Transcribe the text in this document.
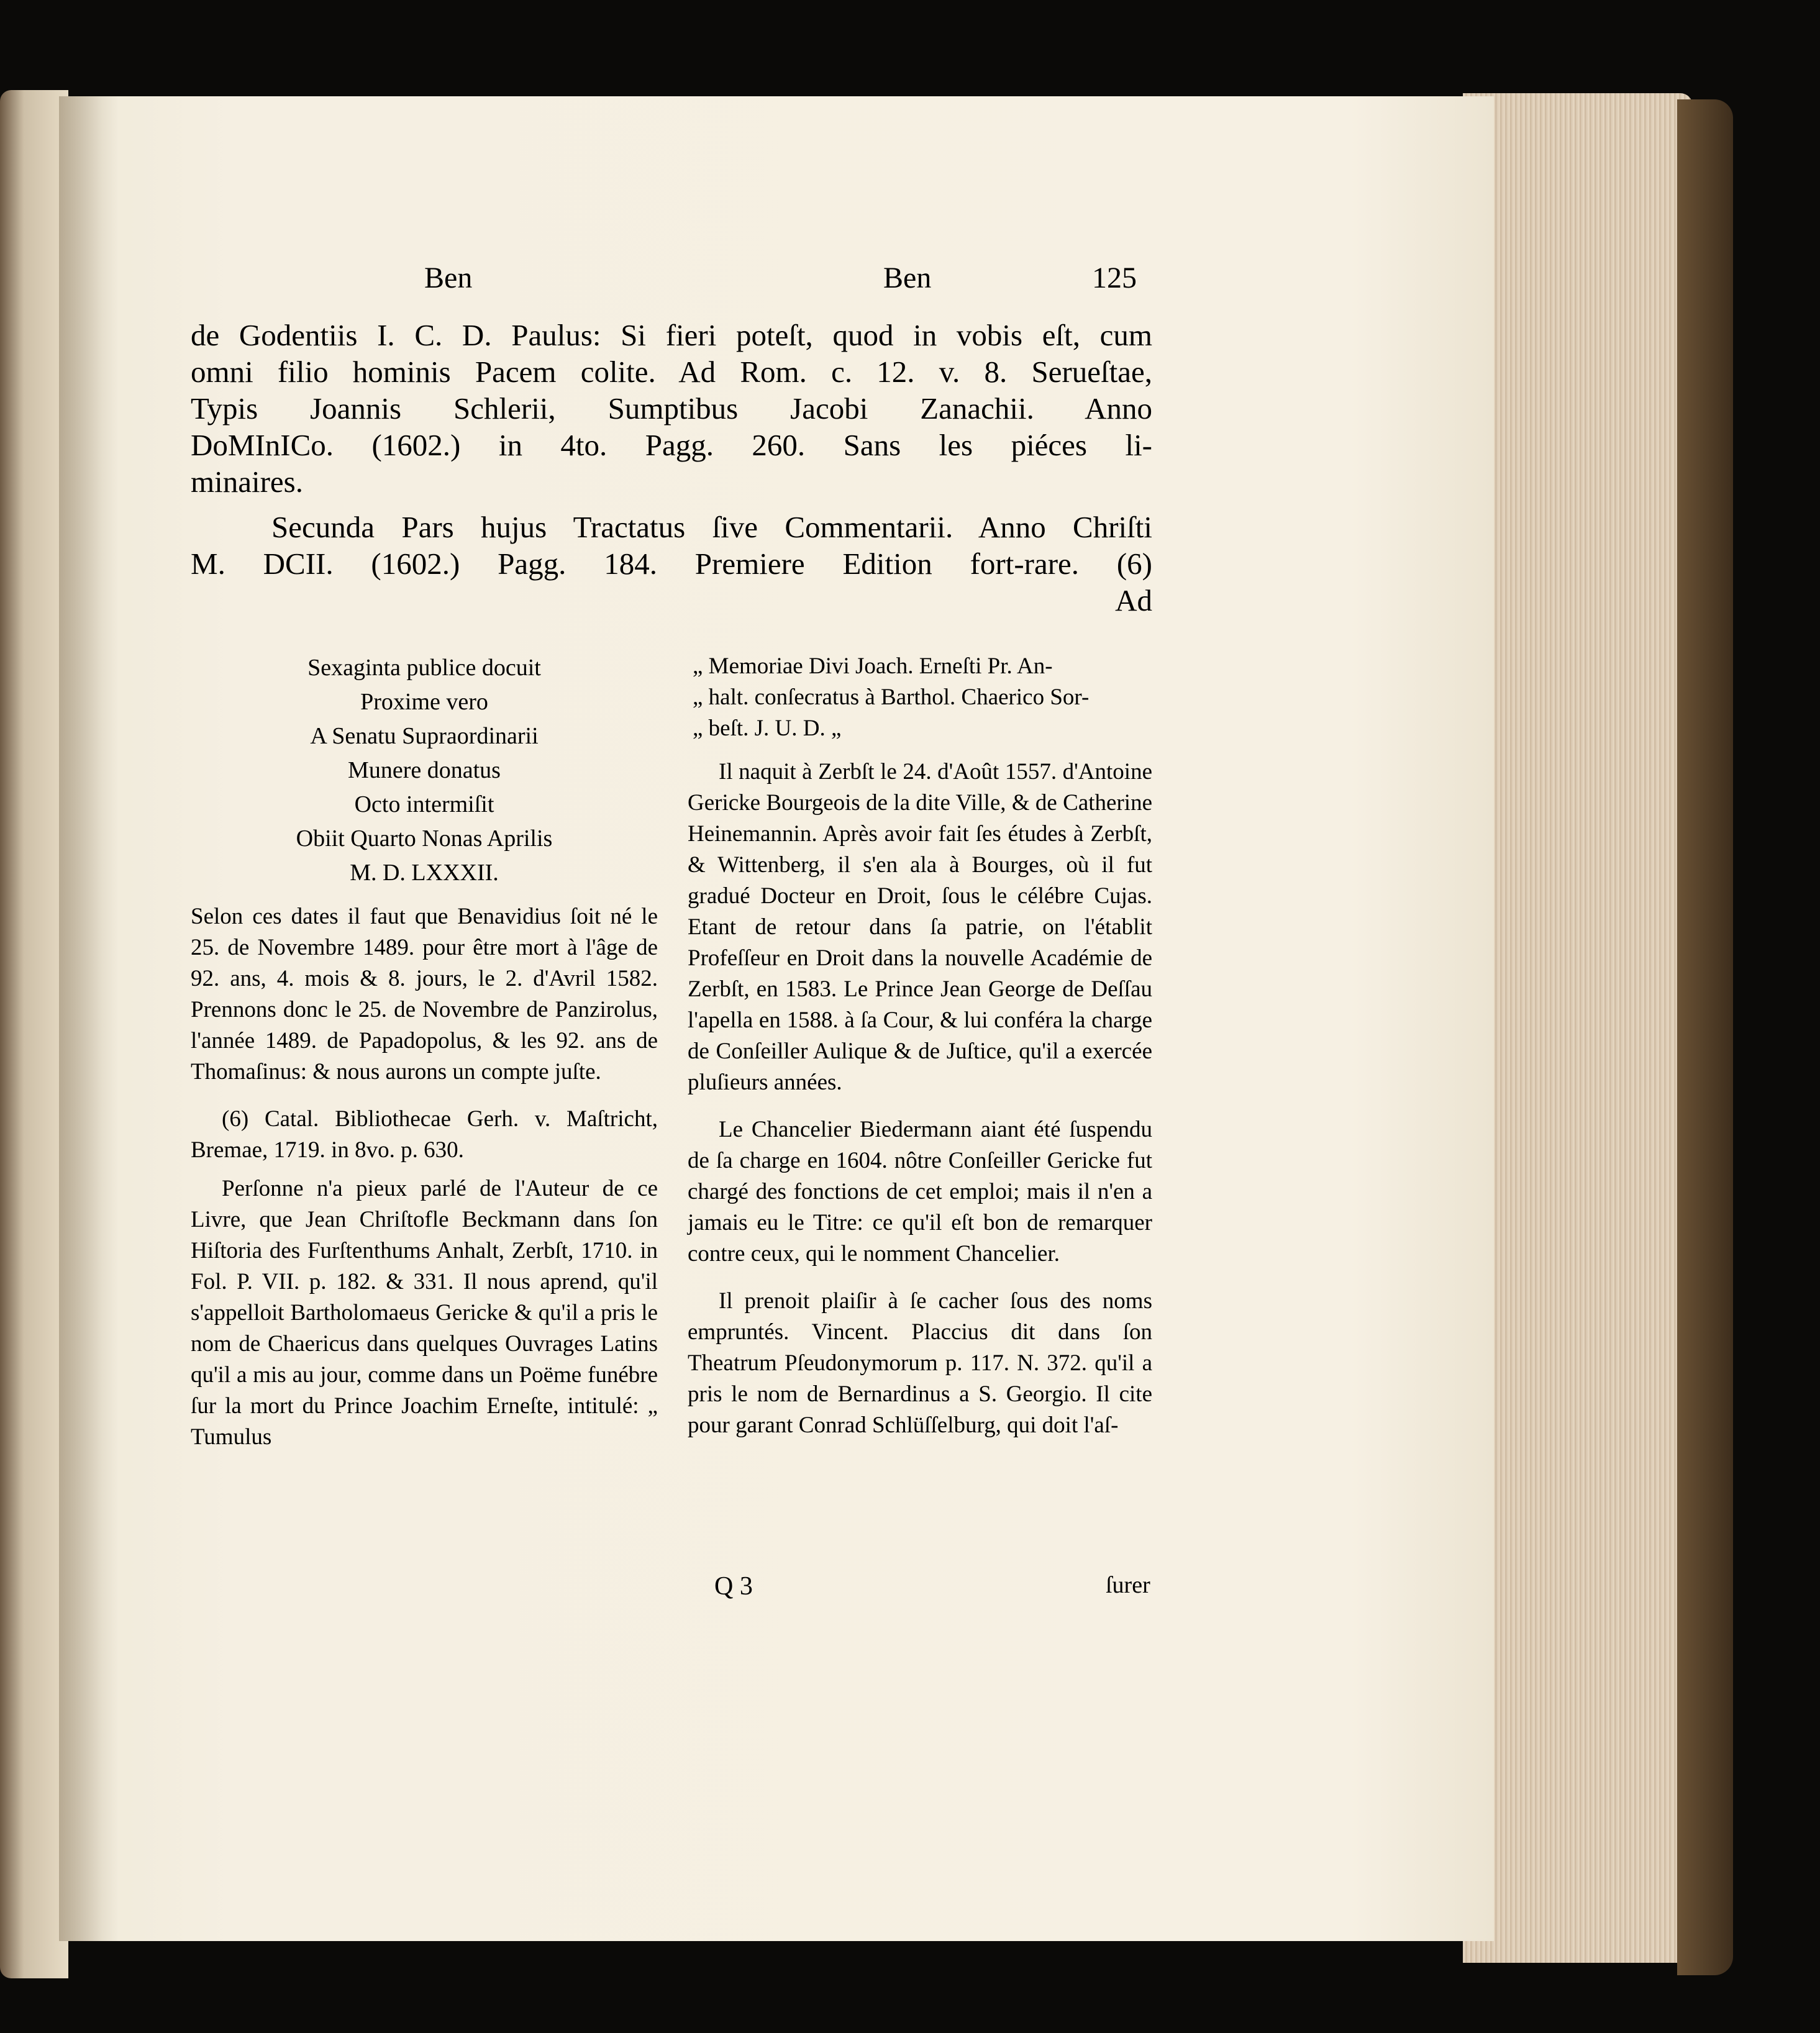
Ben	Ben	125
de Godentiis I. C. D. Paulus: Si fieri poteſt, quod in vobis eſt, cum
omni filio hominis Pacem colite. Ad Rom. c. 12. v. 8. Serueſtae,
Typis Joannis Schlerii, Sumptibus Jacobi Zanachii. Anno
DoMInICo. (1602.) in 4to. Pagg. 260. Sans les piéces li-
minaires.
Secunda Pars hujus Tractatus ſive Commentarii. Anno Chriſti
M. DCII. (1602.) Pagg. 184. Premiere Edition fort-rare. (6)
Ad
Sexaginta publice docuit
Proxime vero
A Senatu Supraordinarii
Munere donatus
Octo intermiſit
Obiit Quarto Nonas Aprilis
M. D. LXXXII.

Selon ces dates il faut que Benavidius ſoit né le 25. de Novembre 1489. pour être mort à l'âge de 92. ans, 4. mois & 8. jours, le 2. d'Avril 1582. Prennons donc le 25. de Novembre de Panzirolus, l'année 1489. de Papadopolus, & les 92. ans de Thomaſinus: & nous aurons un compte juſte.

(6) Catal. Bibliothecae Gerh. v. Maſtricht, Bremae, 1719. in 8vo. p. 630.

Perſonne n'a pieux parlé de l'Auteur de ce Livre, que Jean Chriſtofle Beckmann dans ſon Hiſtoria des Furſtenthums Anhalt, Zerbſt, 1710. in Fol. P. VII. p. 182. & 331. Il nous aprend, qu'il s'appelloit Bartholomaeus Gericke & qu'il a pris le nom de Chaericus dans quelques Ouvrages Latins qu'il a mis au jour, comme dans un Poëme funébre ſur la mort du Prince Joachim Erneſte, intitulé: „ Tumulus

„ Memoriae Divi Joach. Erneſti Pr. An-
„ halt. conſecratus à Barthol. Chaerico Sor-
„ beſt. J. U. D. „

Il naquit à Zerbſt le 24. d'Août 1557. d'Antoine Gericke Bourgeois de la dite Ville, & de Catherine Heinemannin. Après avoir fait ſes études à Zerbſt, & Wittenberg, il s'en ala à Bourges, où il fut gradué Docteur en Droit, ſous le célébre Cujas. Etant de retour dans ſa patrie, on l'établit Profeſſeur en Droit dans la nouvelle Académie de Zerbſt, en 1583. Le Prince Jean George de Deſſau l'apella en 1588. à ſa Cour, & lui conféra la charge de Conſeiller Aulique & de Juſtice, qu'il a exercée pluſieurs années.

Le Chancelier Biedermann aiant été ſuspendu de ſa charge en 1604. nôtre Conſeiller Gericke fut chargé des fonctions de cet emploi; mais il n'en a jamais eu le Titre: ce qu'il eſt bon de remarquer contre ceux, qui le nomment Chancelier.

Il prenoit plaiſir à ſe cacher ſous des noms empruntés. Vincent. Placcius dit dans ſon Theatrum Pſeudonymorum p. 117. N. 372. qu'il a pris le nom de Bernardinus a S. Georgio. Il cite pour garant Conrad Schlüſſelburg, qui doit l'aſ-

Q 3	ſurer
